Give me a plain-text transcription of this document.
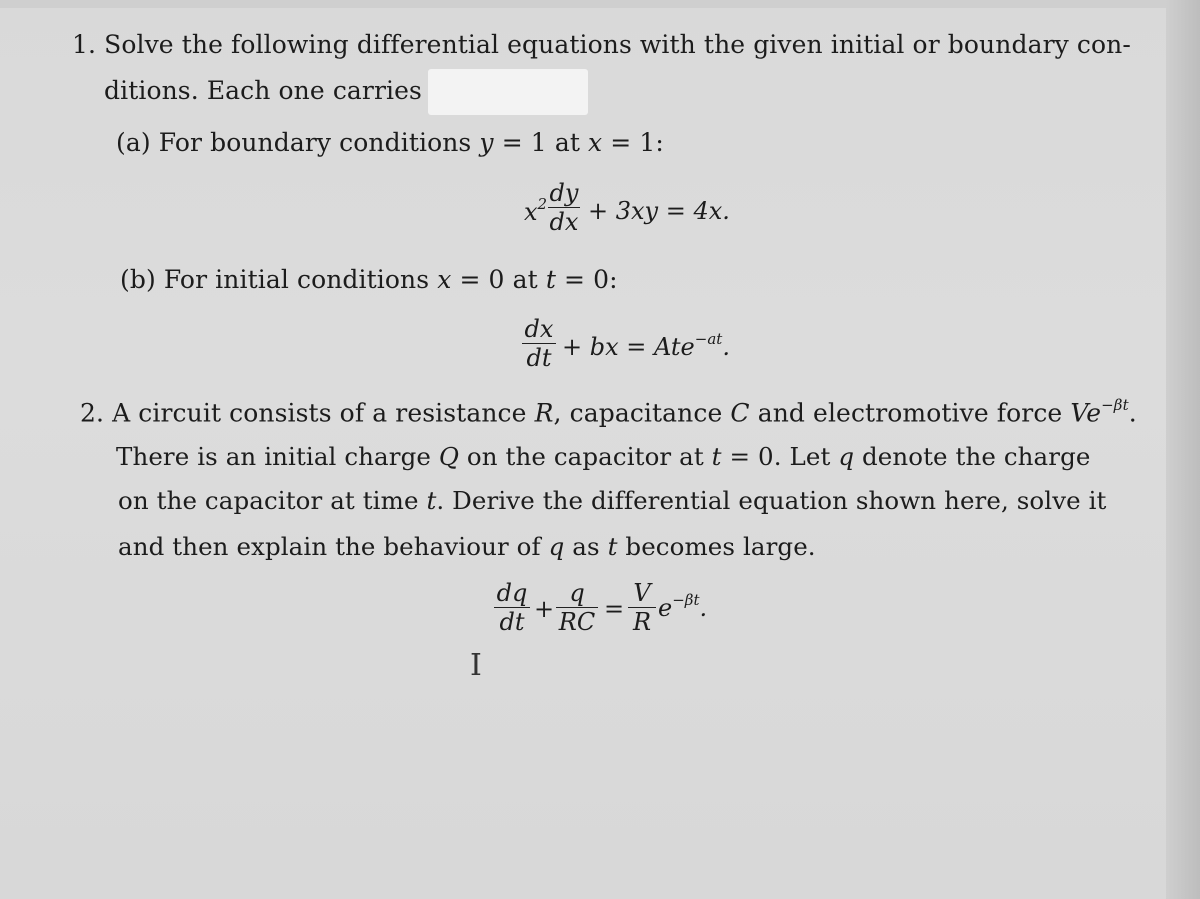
1. Solve the following differential equations with the given initial or boundary con-
ditions. Each one carries
(a) For boundary conditions y = 1 at x = 1:
$x^2$ dy
dx + 3xy = 4x.
(b) For initial conditions x = 0 at t = 0:
dx
dt + bx = Ate$^{-at}$.
2. A circuit consists of a resistance R, capacitance C and electromotive force $Ve^{-\beta t}$.
There is an initial charge Q on the capacitor at t = 0. Let q denote the charge
on the capacitor at time t. Derive the differential equation shown here, solve it
and then explain the behaviour of q as t becomes large.
dq
dt +
q
RC =
V
R $e^{-\beta t}$.
I
